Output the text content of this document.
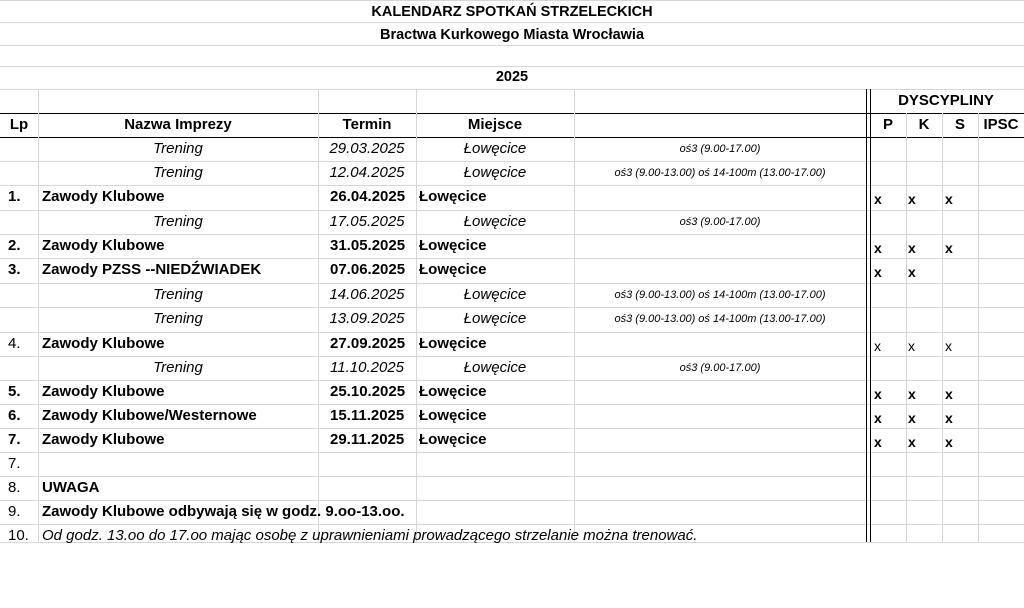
KALENDARZ SPOTKAŃ STRZELECKICH
Bractwa Kurkowego Miasta Wrocławia
2025
DYSCYPLINY
Lp	Nazwa Imprezy	Termin	Miejsce	P	K	S	IPSC
Trening	29.03.2025	Łowęcice	oś3 (9.00-17.00)
Trening	12.04.2025	Łowęcice	oś3 (9.00-13.00) oś 14-100m (13.00-17.00)
1.	Zawody Klubowe	26.04.2025 Łowęcice	x	x	x
Trening	17.05.2025	Łowęcice	oś3 (9.00-17.00)
2.	Zawody Klubowe	31.05.2025 Łowęcice	x	x	x
3.	Zawody PZSS --NIEDŹWIADEK	07.06.2025 Łowęcice	x	x
Trening	14.06.2025	Łowęcice	oś3 (9.00-13.00) oś 14-100m (13.00-17.00)
Trening	13.09.2025	Łowęcice	oś3 (9.00-13.00) oś 14-100m (13.00-17.00)
4.	Zawody Klubowe	27.09.2025 Łowęcice	x	x	x
Trening	11.10.2025	Łowęcice	oś3 (9.00-17.00)
5.	Zawody Klubowe	25.10.2025 Łowęcice	x	x	x
6.	Zawody Klubowe/Westernowe	15.11.2025 Łowęcice	x	x	x
7.	Zawody Klubowe	29.11.2025 Łowęcice	x	x	x
7.
8.	UWAGA
9.	Zawody Klubowe odbywają się w godz. 9.oo-13.oo.
10. Od godz. 13.oo do 17.oo mając osobę z uprawnieniami prowadzącego strzelanie można trenować.
